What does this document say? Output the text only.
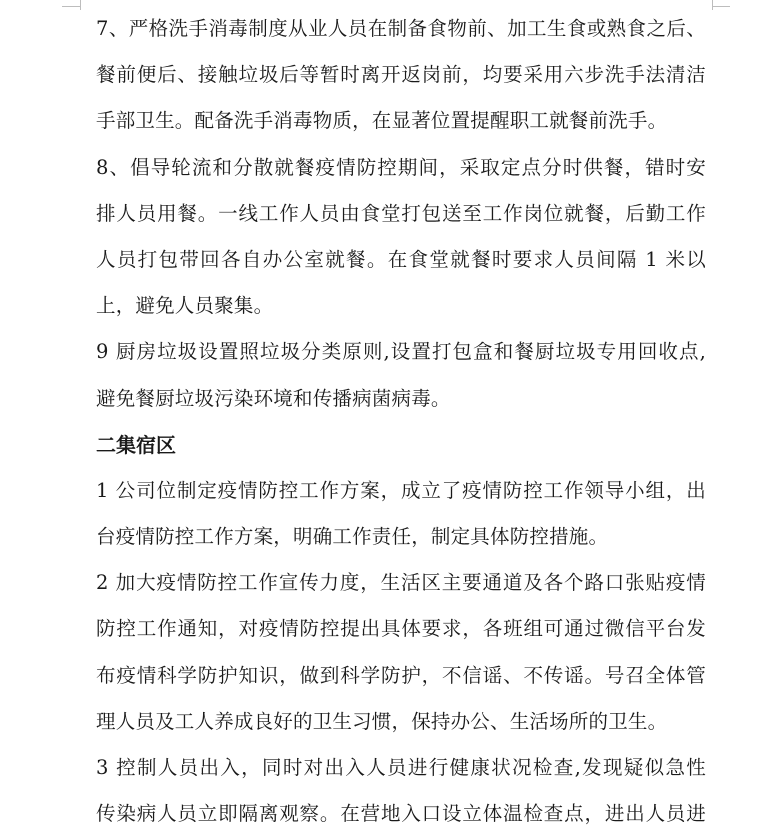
7、严格洗手消毒制度从业人员在制备食物前、加工生食或熟食之后、
餐前便后、接触垃圾后等暂时离开返岗前，均要采用六步洗手法清洁
手部卫生。配备洗手消毒物质，在显著位置提醒职工就餐前洗手。

8、倡导轮流和分散就餐疫情防控期间，采取定点分时供餐，错时安
排人员用餐。一线工作人员由食堂打包送至工作岗位就餐，后勤工作
人员打包带回各自办公室就餐。在食堂就餐时要求人员间隔 1 米以
上，避免人员聚集。

9 厨房垃圾设置照垃圾分类原则,设置打包盒和餐厨垃圾专用回收点,
避免餐厨垃圾污染环境和传播病菌病毒。

二集宿区

1 公司位制定疫情防控工作方案，成立了疫情防控工作领导小组，出
台疫情防控工作方案，明确工作责任，制定具体防控措施。

2 加大疫情防控工作宣传力度，生活区主要通道及各个路口张贴疫情
防控工作通知，对疫情防控提出具体要求，各班组可通过微信平台发
布疫情科学防护知识，做到科学防护，不信谣、不传谣。号召全体管
理人员及工人养成良好的卫生习惯，保持办公、生活场所的卫生。

3 控制人员出入，同时对出入人员进行健康状况检查,发现疑似急性
传染病人员立即隔离观察。在营地入口设立体温检查点，进出人员进
